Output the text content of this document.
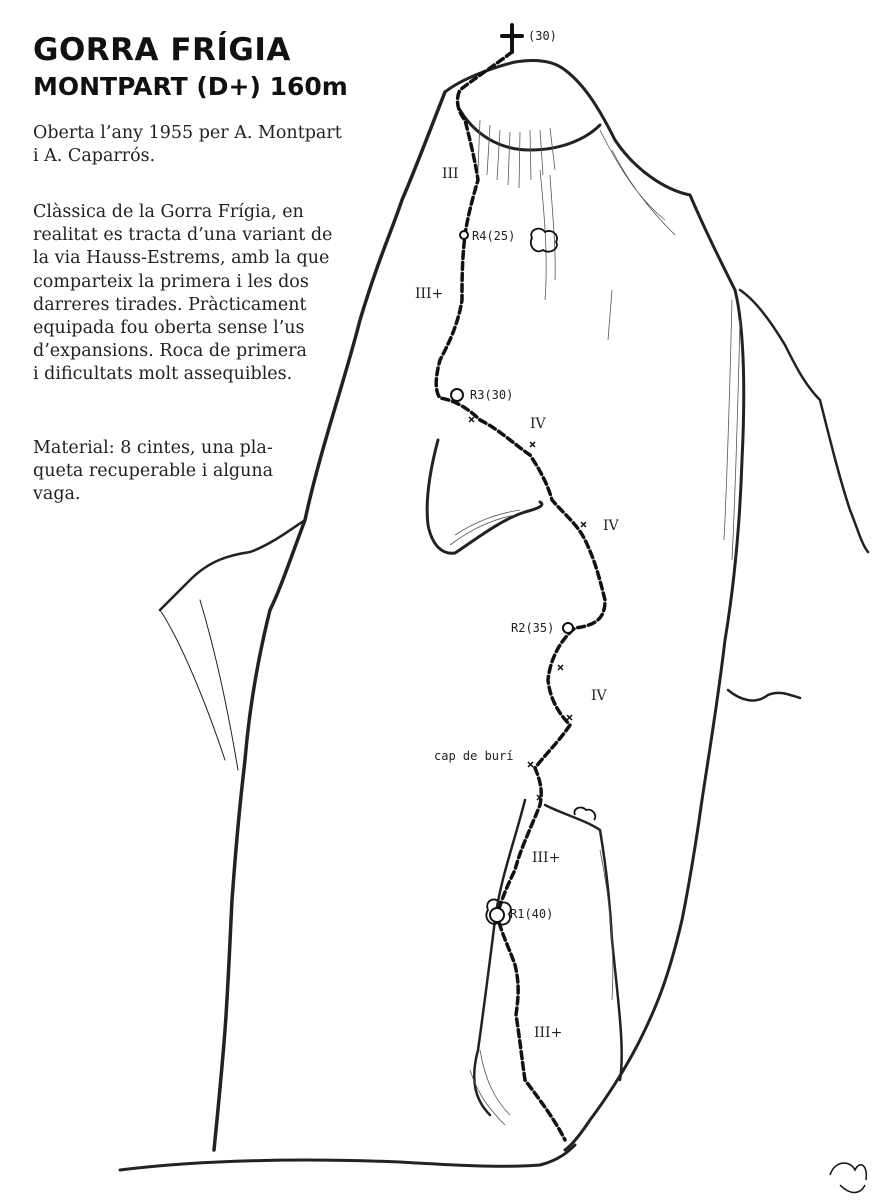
(30)
R4(25)
R3(30)
R2(35)
R1(40)
III
III+
IV
IV
IV
III+
III+
cap de burí
GORRA FRÍGIA
MONTPART (D+) 160m

Oberta l’any 1955 per A. Montpart
i A. Caparrós.

Clàssica de la Gorra Frígia, en
realitat es tracta d’una variant de
la via Hauss-Estrems, amb la que
comparteix la primera i les dos
darreres tirades. Pràcticament
equipada fou oberta sense l’us
d’expansions. Roca de primera
i dificultats molt assequibles.

Material: 8 cintes, una pla-
queta recuperable i alguna
vaga.
